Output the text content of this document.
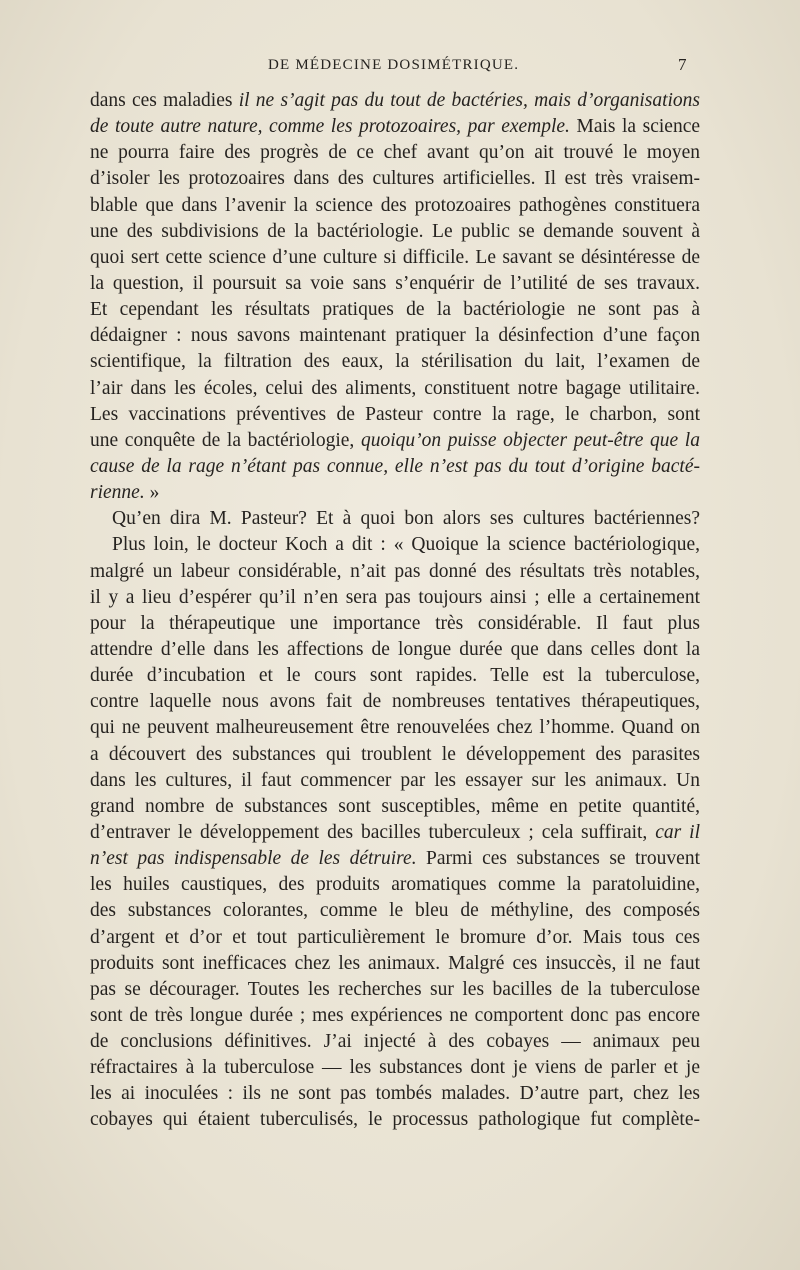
DE MÉDECINE DOSIMÉTRIQUE.	7
dans ces maladies il ne s’agit pas du tout de bactéries, mais d’organisations
de toute autre nature, comme les protozoaires, par exemple. Mais la science
ne pourra faire des progrès de ce chef avant qu’on ait trouvé le moyen
d’isoler les protozoaires dans des cultures artificielles. Il est très vraisem-
blable que dans l’avenir la science des protozoaires pathogènes constituera
une des subdivisions de la bactériologie. Le public se demande souvent à
quoi sert cette science d’une culture si difficile. Le savant se désintéresse de
la question, il poursuit sa voie sans s’enquérir de l’utilité de ses travaux.
Et cependant les résultats pratiques de la bactériologie ne sont pas à
dédaigner : nous savons maintenant pratiquer la désinfection d’une façon
scientifique, la filtration des eaux, la stérilisation du lait, l’examen de
l’air dans les écoles, celui des aliments, constituent notre bagage utilitaire.
Les vaccinations préventives de Pasteur contre la rage, le charbon, sont
une conquête de la bactériologie, quoiqu’on puisse objecter peut-être que la
cause de la rage n’étant pas connue, elle n’est pas du tout d’origine bacté-
rienne. »
Qu’en dira M. Pasteur? Et à quoi bon alors ses cultures bactériennes?
Plus loin, le docteur Koch a dit : « Quoique la science bactériologique,
malgré un labeur considérable, n’ait pas donné des résultats très notables,
il y a lieu d’espérer qu’il n’en sera pas toujours ainsi ; elle a certainement
pour la thérapeutique une importance très considérable. Il faut plus
attendre d’elle dans les affections de longue durée que dans celles dont la
durée d’incubation et le cours sont rapides. Telle est la tuberculose,
contre laquelle nous avons fait de nombreuses tentatives thérapeutiques,
qui ne peuvent malheureusement être renouvelées chez l’homme. Quand on
a découvert des substances qui troublent le développement des parasites
dans les cultures, il faut commencer par les essayer sur les animaux. Un
grand nombre de substances sont susceptibles, même en petite quantité,
d’entraver le développement des bacilles tuberculeux ; cela suffirait, car il
n’est pas indispensable de les détruire. Parmi ces substances se trouvent
les huiles caustiques, des produits aromatiques comme la paratoluidine,
des substances colorantes, comme le bleu de méthyline, des composés
d’argent et d’or et tout particulièrement le bromure d’or. Mais tous ces
produits sont inefficaces chez les animaux. Malgré ces insuccès, il ne faut
pas se décourager. Toutes les recherches sur les bacilles de la tuberculose
sont de très longue durée ; mes expériences ne comportent donc pas encore
de conclusions définitives. J’ai injecté à des cobayes — animaux peu
réfractaires à la tuberculose — les substances dont je viens de parler et je
les ai inoculées : ils ne sont pas tombés malades. D’autre part, chez les
cobayes qui étaient tuberculisés, le processus pathologique fut complète-
